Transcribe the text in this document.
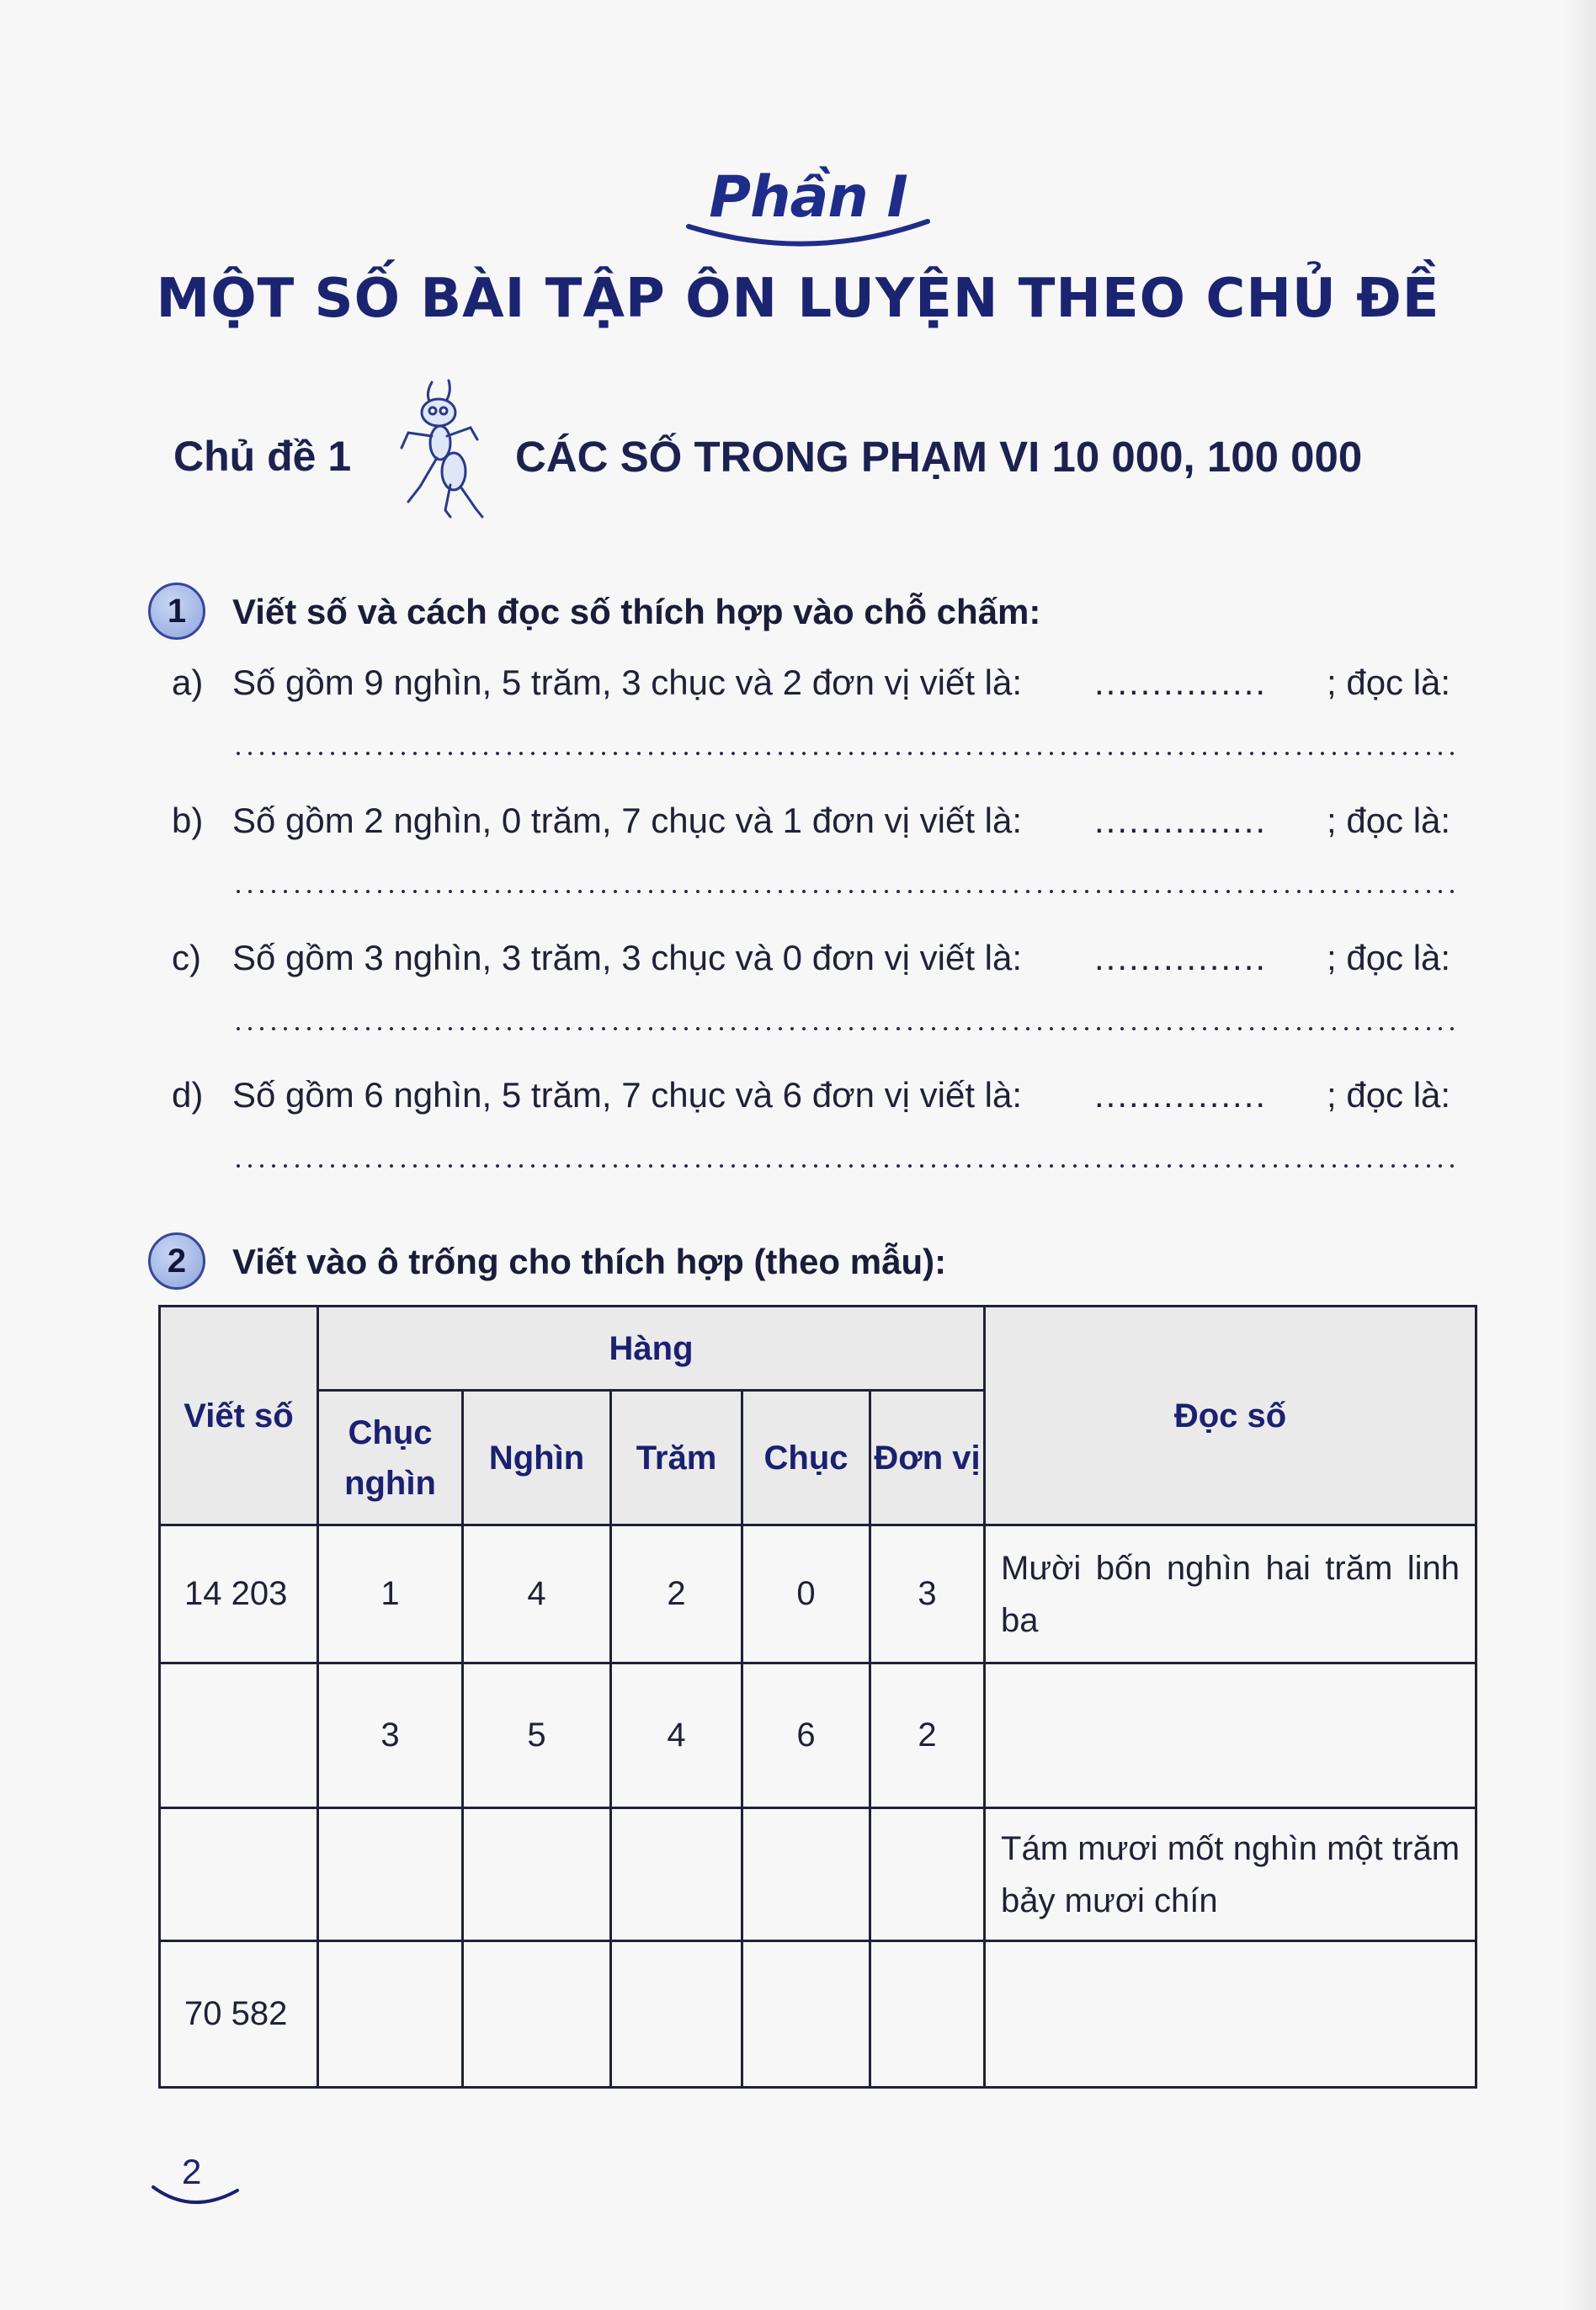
Phần I
MỘT SỐ BÀI TẬP ÔN LUYỆN THEO CHỦ ĐỀ
Chủ đề 1	CÁC SỐ TRONG PHẠM VI 10 000, 100 000
1	Viết số và cách đọc số thích hợp vào chỗ chấm:
a) Số gồm 9 nghìn, 5 trăm, 3 chục và 2 đơn vị viết là: ............... ; đọc là:
b) Số gồm 2 nghìn, 0 trăm, 7 chục và 1 đơn vị viết là: ............... ; đọc là:
c) Số gồm 3 nghìn, 3 trăm, 3 chục và 0 đơn vị viết là: ............... ; đọc là:
d) Số gồm 6 nghìn, 5 trăm, 7 chục và 6 đơn vị viết là: ............... ; đọc là:
2	Viết vào ô trống cho thích hợp (theo mẫu):
Viết số	Hàng					Đọc số
	Chục nghìn	Nghìn	Trăm	Chục	Đơn vị	
14 203	1	4	2	0	3	Mười bốn nghìn hai trăm linh ba
	3	5	4	6	2	
						Tám mươi mốt nghìn một trăm bảy mươi chín
70 582						
2
